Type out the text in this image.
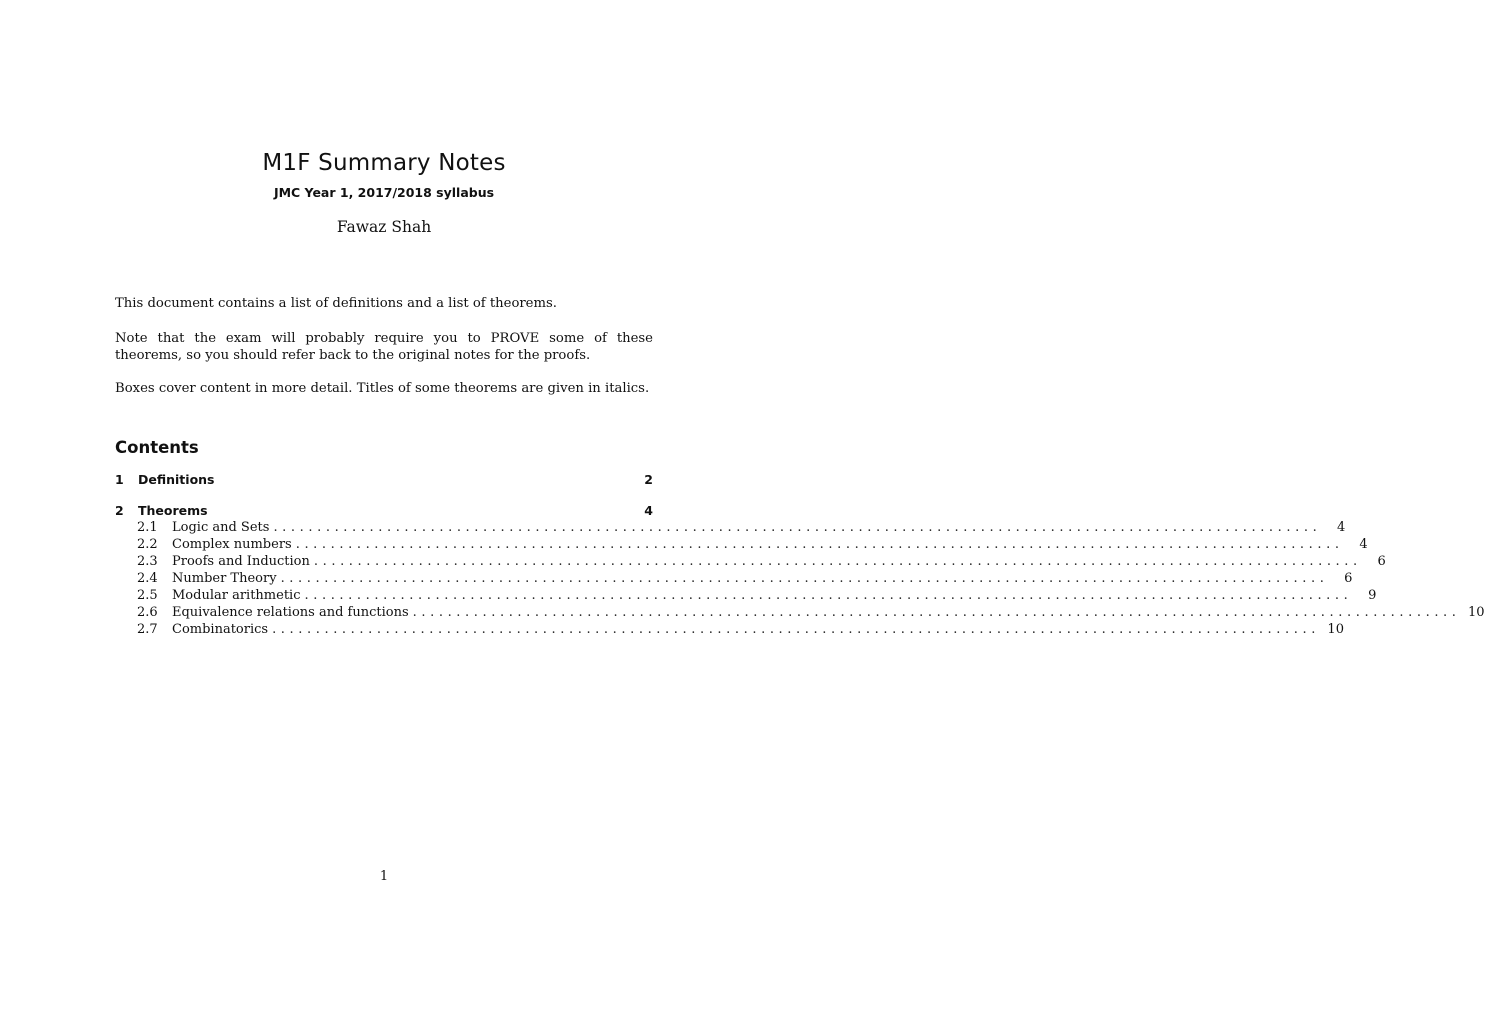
M1F Summary Notes
JMC Year 1, 2017/2018 syllabus
Fawaz Shah

This document contains a list of definitions and a list of theorems.

Note that the exam will probably require you to PROVE some of these theorems, so you should refer back to the original notes for the proofs.

Boxes cover content in more detail. Titles of some theorems are given in italics.

Contents
1	Definitions	2
2	Theorems	4
2.1	Logic and Sets ........................................................................................................................	4
2.2	Complex numbers ........................................................................................................................	4
2.3	Proofs and Induction ........................................................................................................................	6
2.4	Number Theory ........................................................................................................................	6
2.5	Modular arithmetic ........................................................................................................................	9
2.6	Equivalence relations and functions ........................................................................................................................ 10
2.7	Combinatorics ........................................................................................................................ 10
1
